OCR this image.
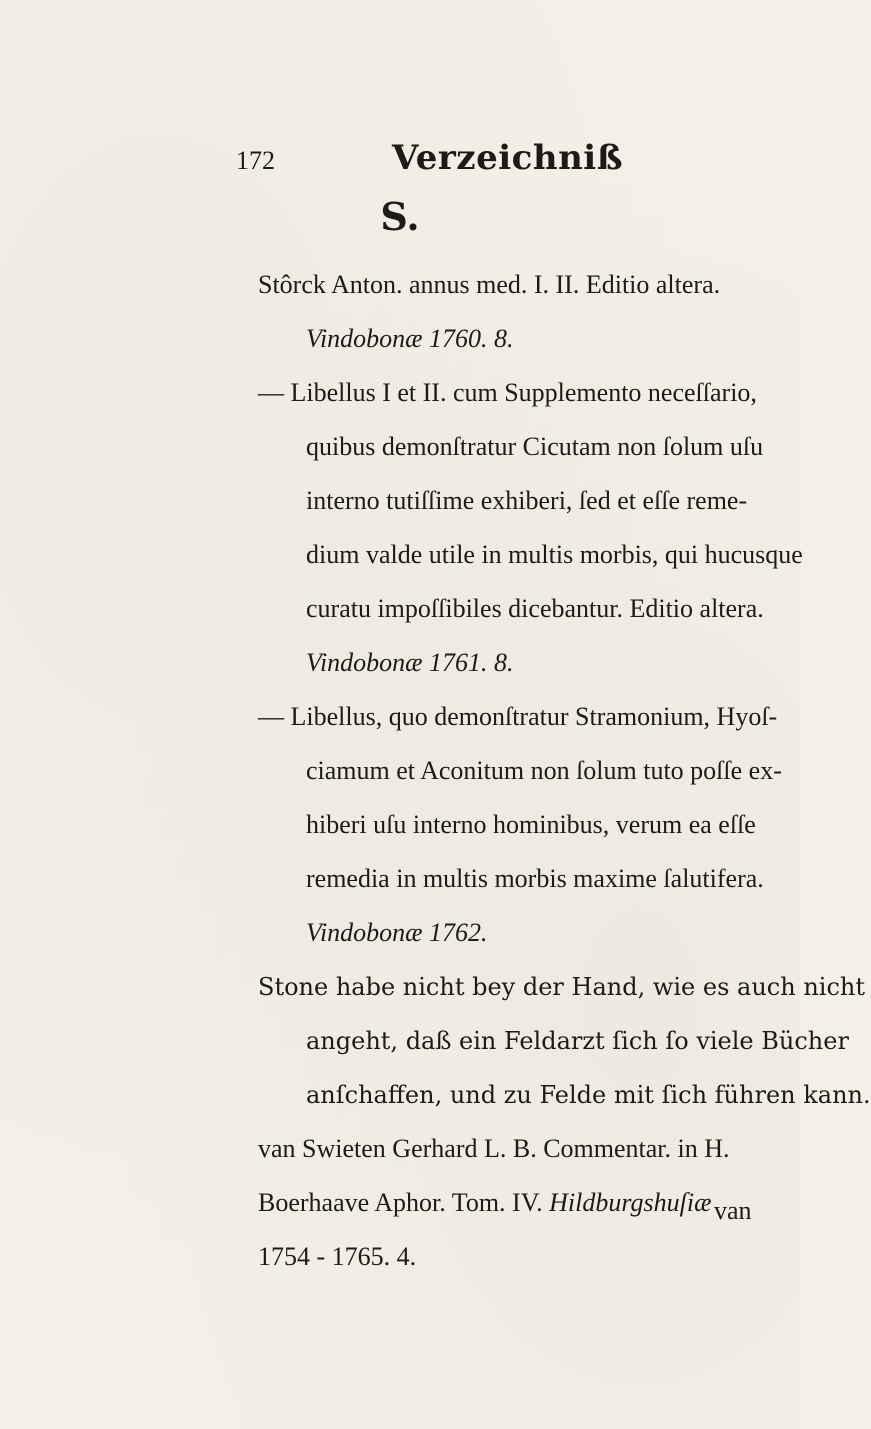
172	Verzeichniß
S.
Stôrck Anton. annus med. I. II. Editio altera.
Vindobonæ 1760. 8.
— Libellus I et II. cum Supplemento neceſſario,
quibus demonſtratur Cicutam non ſolum uſu
interno tutiſſime exhiberi, ſed et eſſe reme-
dium valde utile in multis morbis, qui hucusque
curatu impoſſibiles dicebantur. Editio altera.
Vindobonæ 1761. 8.
— Libellus, quo demonſtratur Stramonium, Hyoſ-
ciamum et Aconitum non ſolum tuto poſſe ex-
hiberi uſu interno hominibus, verum ea eſſe
remedia in multis morbis maxime ſalutifera.
Vindobonæ 1762.
Stone habe nicht bey der Hand, wie es auch nicht
angeht, daß ein Feldarzt ſich ſo viele Bücher
anſchaffen, und zu Felde mit ſich führen kann.
van Swieten Gerhard L. B. Commentar. in H.
Boerhaave Aphor. Tom. IV. Hildburgshuſiæ
1754 - 1765. 4.
van
